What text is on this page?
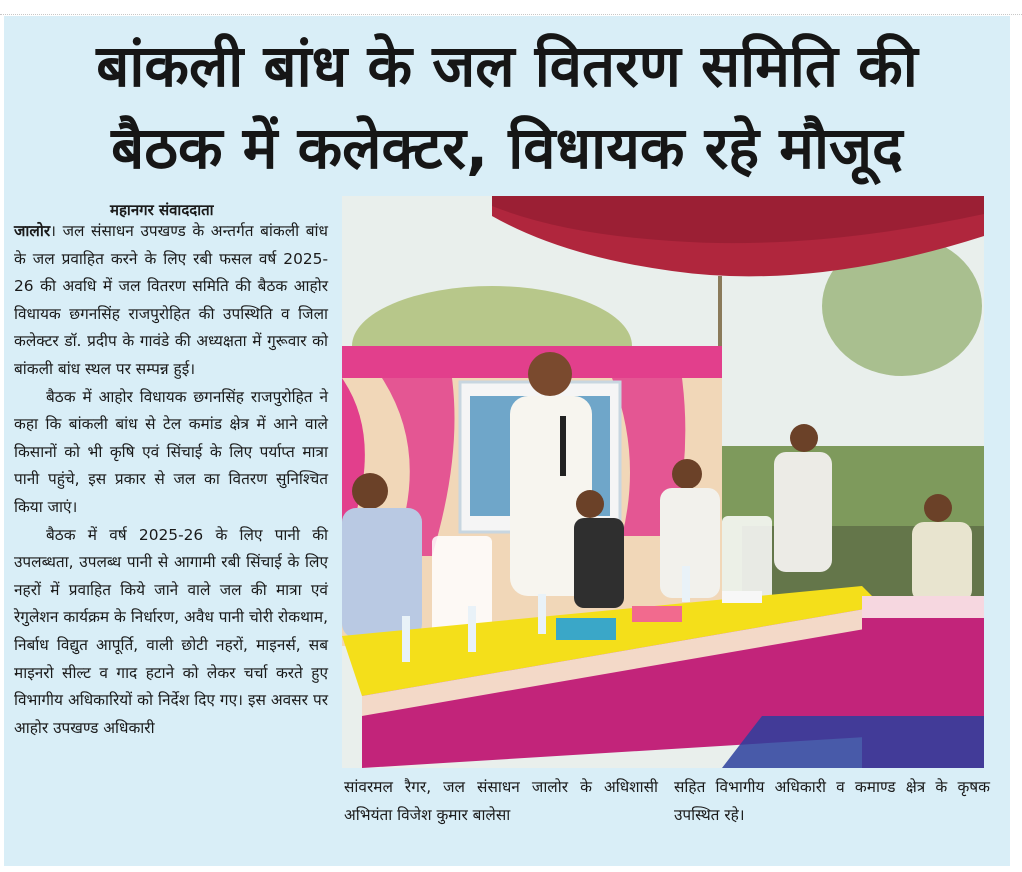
बांकली बांध के जल वितरण समिति की
बैठक में कलेक्टर, विधायक रहे मौजूद
महानगर संवाददाता

जालोर। जल संसाधन उपखण्ड के अन्तर्गत बांकली बांध के जल प्रवाहित करने के लिए रबी फसल वर्ष 2025-26 की अवधि में जल वितरण समिति की बैठक आहोर विधायक छगनसिंह राजपुरोहित की उपस्थिति व जिला कलेक्टर डॉ. प्रदीप के गावंडे की अध्यक्षता में गुरूवार को बांकली बांध स्थल पर सम्पन्न हुई।

बैठक में आहोर विधायक छगनसिंह राजपुरोहित ने कहा कि बांकली बांध से टेल कमांड क्षेत्र में आने वाले किसानों को भी कृषि एवं सिंचाई के लिए पर्याप्त मात्रा पानी पहुंचे, इस प्रकार से जल का वितरण सुनिश्चित किया जाएं।

बैठक में वर्ष 2025-26 के लिए पानी की उपलब्धता, उपलब्ध पानी से आगामी रबी सिंचाई के लिए नहरों में प्रवाहित किये जाने वाले जल की मात्रा एवं रेगुलेशन कार्यक्रम के निर्धारण, अवैध पानी चोरी रोकथाम, निर्बाध विद्युत आपूर्ति, वाली छोटी नहरों, माइनर्स, सब माइनरो सील्ट व गाद हटाने को लेकर चर्चा करते हुए विभागीय अधिकारियों को निर्देश दिए गए। इस अवसर पर आहोर उपखण्ड अधिकारी

सांवरमल रैगर, जल संसाधन जालोर के अधिशासी अभियंता विजेश कुमार बालेसा

सहित विभागीय अधिकारी व कमाण्ड क्षेत्र के कृषक उपस्थित रहे।
